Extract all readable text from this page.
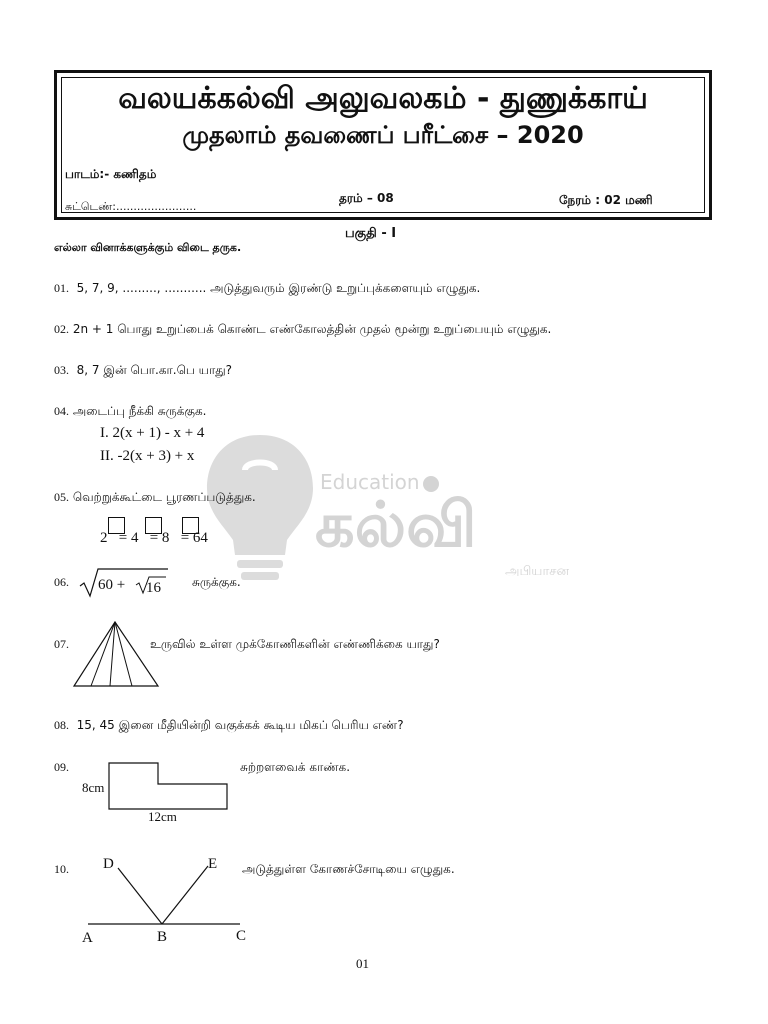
Education
கல்வி
அபியாசன
வலயக்கல்வி அலுவலகம் - துணுக்காய்
முதலாம் தவணைப் பரீட்சை – 2020
பாடம்:- கணிதம்
சுட்டெண்:.......................
தரம் – 08	நேரம் : 02 மணி
பகுதி - I
எல்லா வினாக்களுக்கும் விடை தருக.
01. 5, 7, 9, ........., ........... அடுத்துவரும் இரண்டு உறுப்புக்களையும் எழுதுக.
02. 2n + 1 பொது உறுப்பைக் கொண்ட எண்கோலத்தின் முதல் மூன்று உறுப்பையும் எழுதுக.
03. 8, 7 இன் பொ.கா.பெ யாது?
04. அடைப்பு நீக்கி சுருக்குக.
I. 2(x + 1) - x + 4
II. -2(x + 3) + x
05. வெற்றுக்கூட்டை பூரணப்படுத்துக.
2 = 4 = 8 = 64
06. 60 + 16	சுருக்குக.
07.	உருவில் உள்ள முக்கோணிகளின் எண்ணிக்கை யாது?
08. 15, 45 இனை மீதியின்றி வகுக்கக் கூடிய மிகப் பெரிய எண்?
09.
8cm
12cm
சுற்றளவைக் காண்க.
10. D	E
A	B	C
அடுத்துள்ள கோணச்சோடியை எழுதுக.
01
